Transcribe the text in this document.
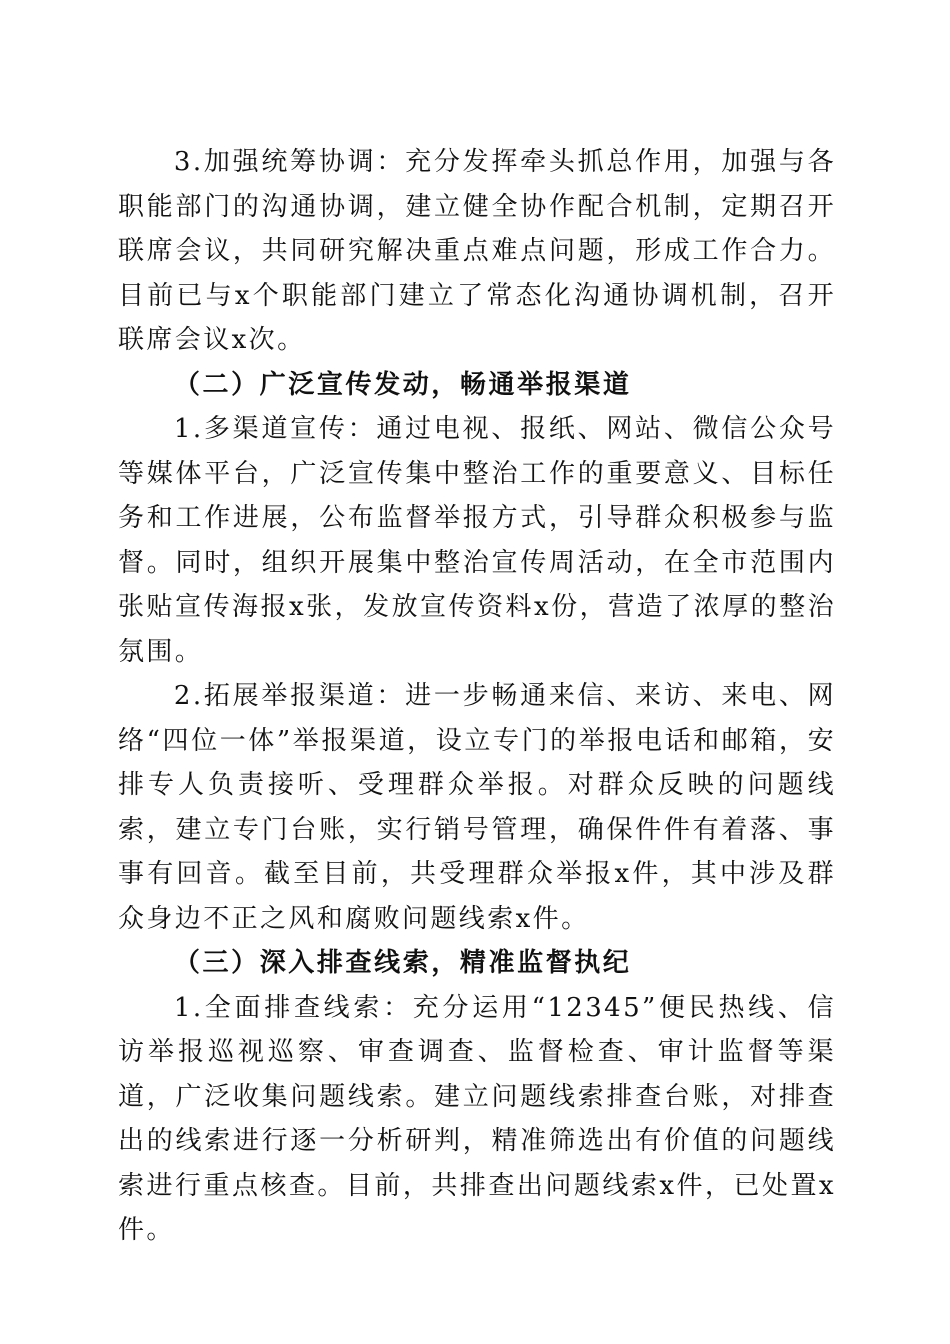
3.加强统筹协调：充分发挥牵头抓总作用，加强与各职能部门的沟通协调，建立健全协作配合机制，定期召开联席会议，共同研究解决重点难点问题，形成工作合力。目前已与x个职能部门建立了常态化沟通协调机制，召开联席会议x次。

（二）广泛宣传发动，畅通举报渠道

1.多渠道宣传：通过电视、报纸、网站、微信公众号等媒体平台，广泛宣传集中整治工作的重要意义、目标任务和工作进展，公布监督举报方式，引导群众积极参与监督。同时，组织开展集中整治宣传周活动，在全市范围内张贴宣传海报x张，发放宣传资料x份，营造了浓厚的整治氛围。

2.拓展举报渠道：进一步畅通来信、来访、来电、网络“四位一体”举报渠道，设立专门的举报电话和邮箱，安排专人负责接听、受理群众举报。对群众反映的问题线索，建立专门台账，实行销号管理，确保件件有着落、事事有回音。截至目前，共受理群众举报x件，其中涉及群众身边不正之风和腐败问题线索x件。

（三）深入排查线索，精准监督执纪

1.全面排查线索：充分运用“12345”便民热线、信访举报巡视巡察、审查调查、监督检查、审计监督等渠道，广泛收集问题线索。建立问题线索排查台账，对排查出的线索进行逐一分析研判，精准筛选出有价值的问题线索进行重点核查。目前，共排查出问题线索x件，已处置x件。
